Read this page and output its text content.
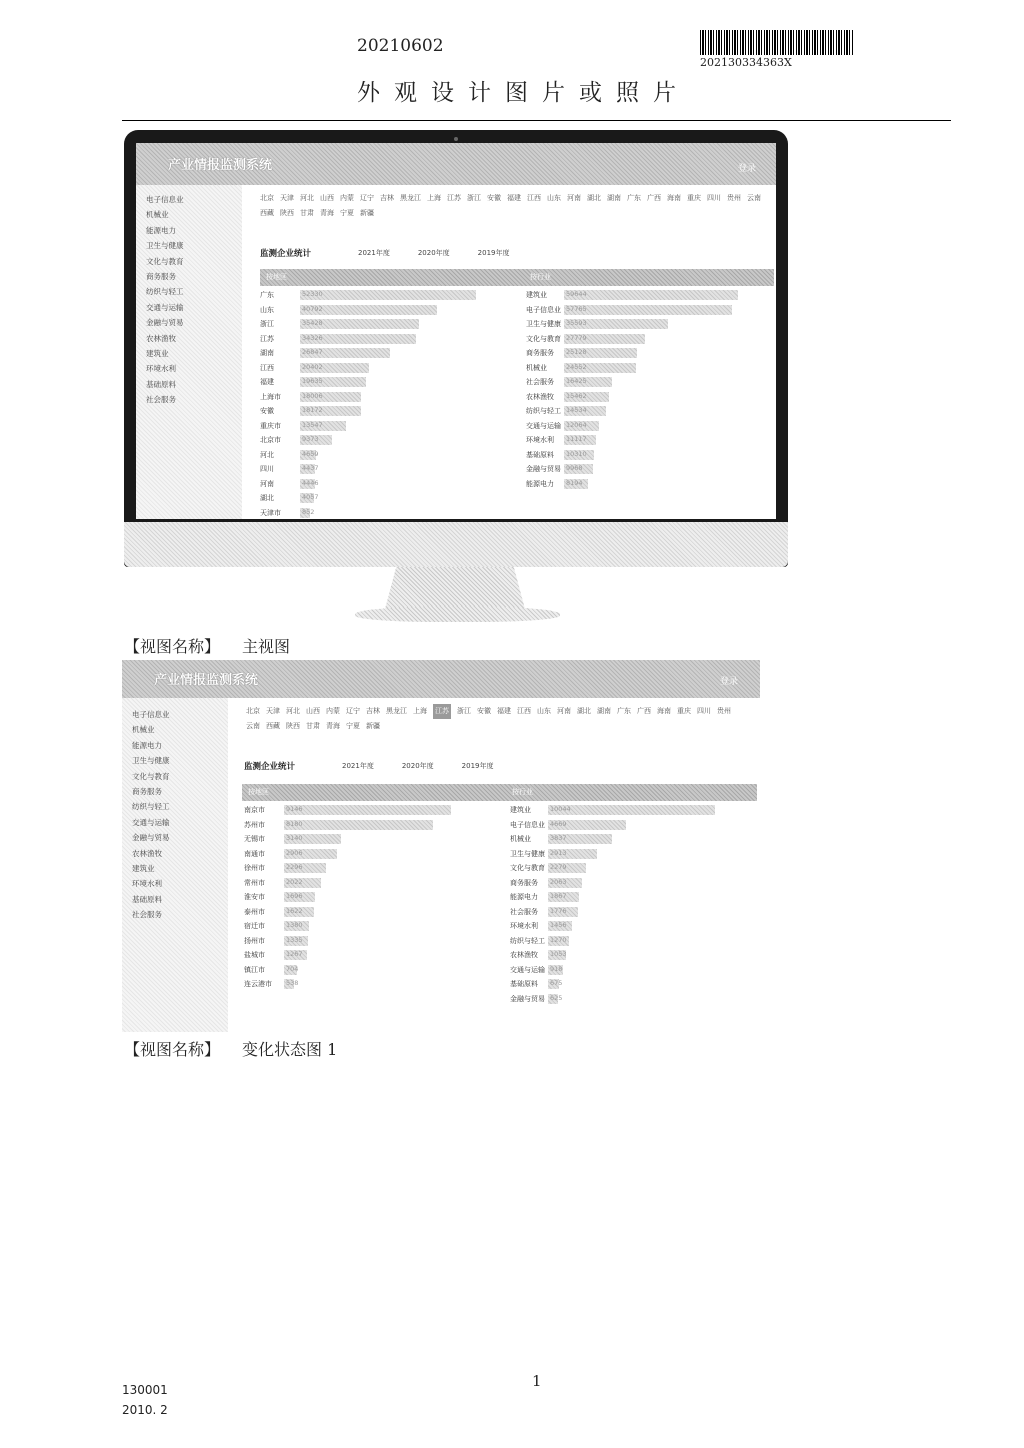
20210602
202130334363X
外观设计图片或照片
产业情报监测系统	登录
电子信息业
机械业
能源电力
卫生与健康
文化与教育
商务服务
纺织与轻工
交通与运输
金融与贸易
农林渔牧
建筑业
环境水利
基础原料
社会服务
北京 天津 河北 山西 内蒙 辽宁 吉林 黑龙江 上海 江苏 浙江 安徽 福建 江西 山东 河南 湖北 湖南 广东 广西 海南 重庆 四川 贵州 云南西藏 陕西 甘肃 青海 宁夏 新疆
监测企业统计	2021年度	2020年度	2019年度
按地区	按行业
广东	52330
山东	40792
浙江	35428
江苏	34326
湖南	26847
江西	20402
福建	19635
上海市	18006
安徽	18172
重庆市	13547
北京市	9373
河北	4659
四川	4437
河南	4446
湖北	4057
天津市	852
建筑业	59644
电子信息业 57765
卫生与健康 35593
文化与教育 27779
商务服务 25128
机械业	24552
社会服务 16425
农林渔牧 15462
纺织与轻工 14534
交通与运输 12064
环境水利 11117
基础原料 10310
金融与贸易 9968
能源电力 8194
【视图名称】 主视图
产业情报监测系统	登录
电子信息业
机械业
能源电力
卫生与健康
文化与教育
商务服务
纺织与轻工
交通与运输
金融与贸易
农林渔牧
建筑业
环境水利
基础原料
社会服务
北京 天津 河北 山西 内蒙 辽宁 吉林 黑龙江 上海 江苏 浙江 安徽 福建 江西 山东 河南 湖北 湖南 广东 广西 海南 重庆 四川 贵州云南 西藏 陕西 甘肃 青海 宁夏 新疆
监测企业统计	2021年度	2020年度	2019年度
按地区	按行业
南京市	9146
苏州市	8180
无锡市	3140
南通市	2906
徐州市	2296
常州市	2022
淮安市	1696
泰州市	1622
宿迁市	1380
扬州市	1335
盐城市	1267
镇江市	704
连云港市 538
建筑业	10044
电子信息业 4669
机械业	3837
卫生与健康 2913
文化与教育 2279
商务服务 2063
能源电力 1867
社会服务 1776
环境水利 1456
纺织与轻工 1270
农林渔牧 1053
交通与运输 918
基础原料 675
金融与贸易 625
【视图名称】 变化状态图 1
1
130001
2010. 2
